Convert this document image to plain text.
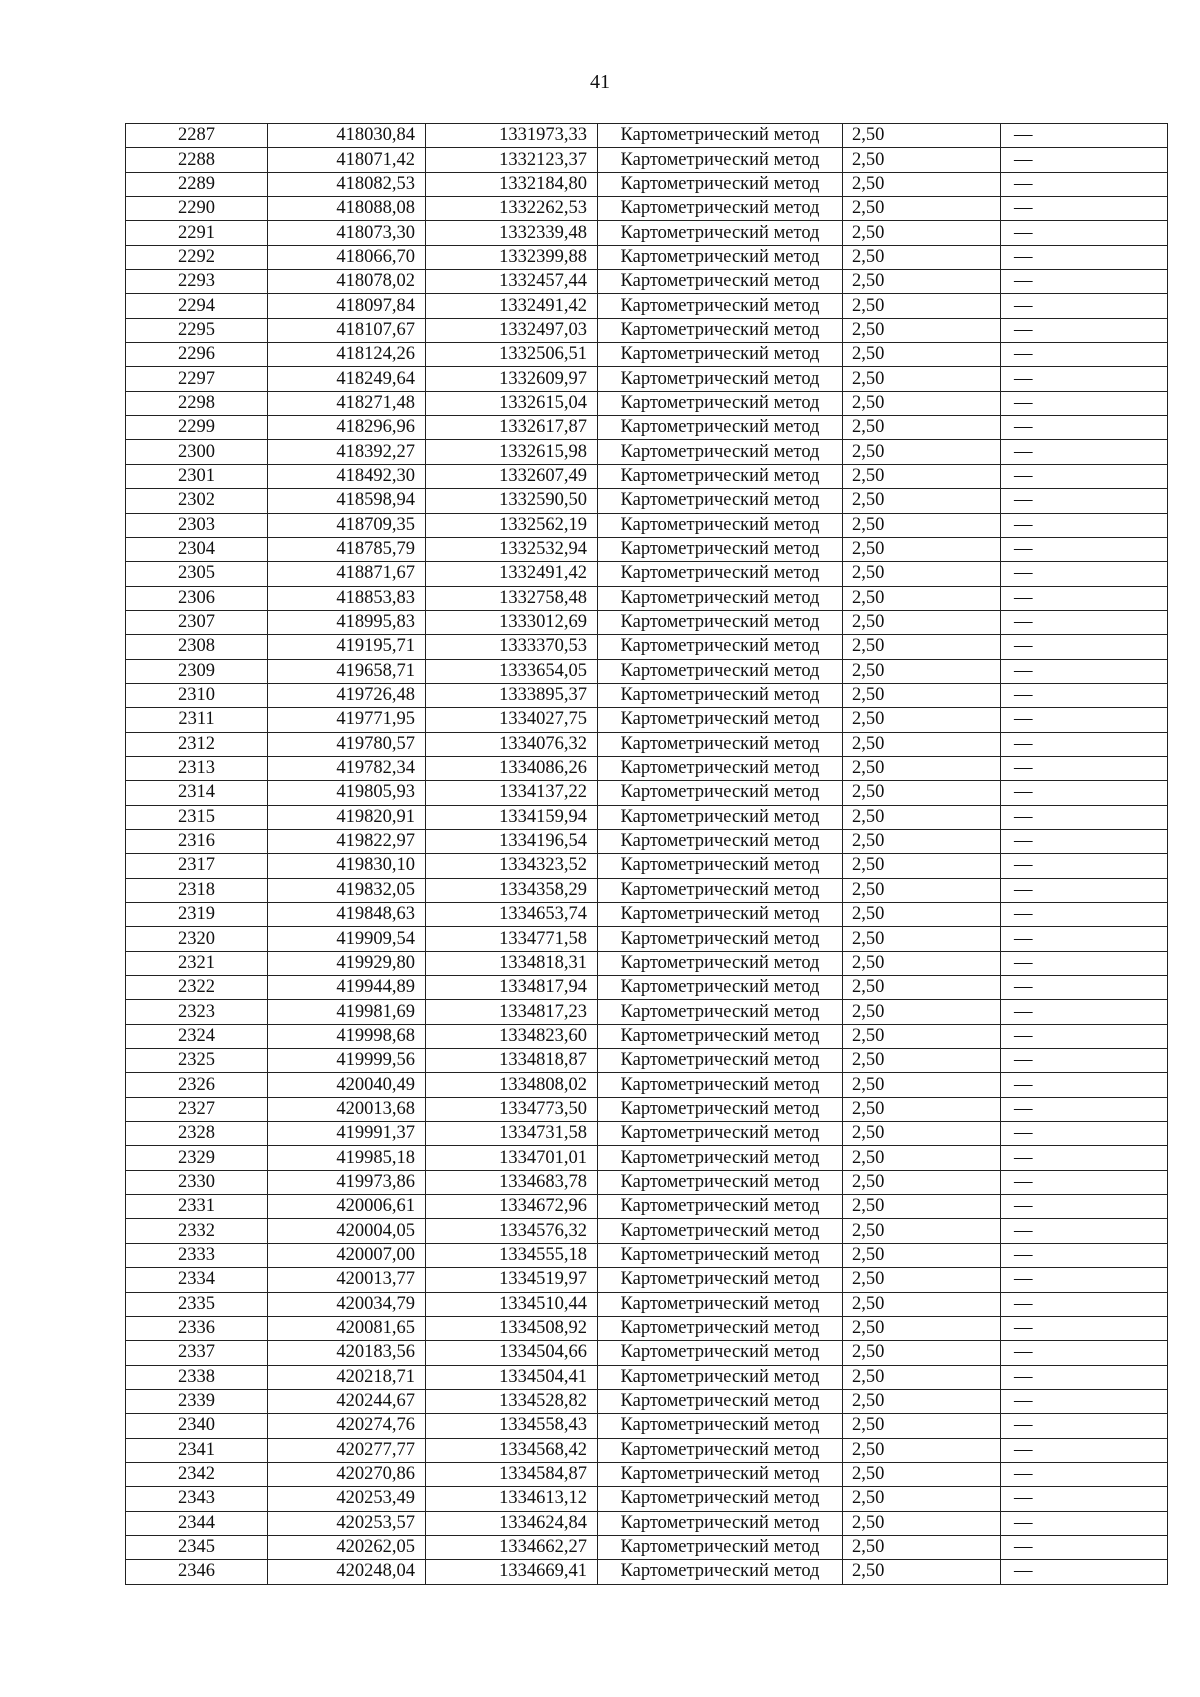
41
2287	418030,84	1331973,33	Картометрический метод	2,50	—
2288	418071,42	1332123,37	Картометрический метод	2,50	—
2289	418082,53	1332184,80	Картометрический метод	2,50	—
2290	418088,08	1332262,53	Картометрический метод	2,50	—
2291	418073,30	1332339,48	Картометрический метод	2,50	—
2292	418066,70	1332399,88	Картометрический метод	2,50	—
2293	418078,02	1332457,44	Картометрический метод	2,50	—
2294	418097,84	1332491,42	Картометрический метод	2,50	—
2295	418107,67	1332497,03	Картометрический метод	2,50	—
2296	418124,26	1332506,51	Картометрический метод	2,50	—
2297	418249,64	1332609,97	Картометрический метод	2,50	—
2298	418271,48	1332615,04	Картометрический метод	2,50	—
2299	418296,96	1332617,87	Картометрический метод	2,50	—
2300	418392,27	1332615,98	Картометрический метод	2,50	—
2301	418492,30	1332607,49	Картометрический метод	2,50	—
2302	418598,94	1332590,50	Картометрический метод	2,50	—
2303	418709,35	1332562,19	Картометрический метод	2,50	—
2304	418785,79	1332532,94	Картометрический метод	2,50	—
2305	418871,67	1332491,42	Картометрический метод	2,50	—
2306	418853,83	1332758,48	Картометрический метод	2,50	—
2307	418995,83	1333012,69	Картометрический метод	2,50	—
2308	419195,71	1333370,53	Картометрический метод	2,50	—
2309	419658,71	1333654,05	Картометрический метод	2,50	—
2310	419726,48	1333895,37	Картометрический метод	2,50	—
2311	419771,95	1334027,75	Картометрический метод	2,50	—
2312	419780,57	1334076,32	Картометрический метод	2,50	—
2313	419782,34	1334086,26	Картометрический метод	2,50	—
2314	419805,93	1334137,22	Картометрический метод	2,50	—
2315	419820,91	1334159,94	Картометрический метод	2,50	—
2316	419822,97	1334196,54	Картометрический метод	2,50	—
2317	419830,10	1334323,52	Картометрический метод	2,50	—
2318	419832,05	1334358,29	Картометрический метод	2,50	—
2319	419848,63	1334653,74	Картометрический метод	2,50	—
2320	419909,54	1334771,58	Картометрический метод	2,50	—
2321	419929,80	1334818,31	Картометрический метод	2,50	—
2322	419944,89	1334817,94	Картометрический метод	2,50	—
2323	419981,69	1334817,23	Картометрический метод	2,50	—
2324	419998,68	1334823,60	Картометрический метод	2,50	—
2325	419999,56	1334818,87	Картометрический метод	2,50	—
2326	420040,49	1334808,02	Картометрический метод	2,50	—
2327	420013,68	1334773,50	Картометрический метод	2,50	—
2328	419991,37	1334731,58	Картометрический метод	2,50	—
2329	419985,18	1334701,01	Картометрический метод	2,50	—
2330	419973,86	1334683,78	Картометрический метод	2,50	—
2331	420006,61	1334672,96	Картометрический метод	2,50	—
2332	420004,05	1334576,32	Картометрический метод	2,50	—
2333	420007,00	1334555,18	Картометрический метод	2,50	—
2334	420013,77	1334519,97	Картометрический метод	2,50	—
2335	420034,79	1334510,44	Картометрический метод	2,50	—
2336	420081,65	1334508,92	Картометрический метод	2,50	—
2337	420183,56	1334504,66	Картометрический метод	2,50	—
2338	420218,71	1334504,41	Картометрический метод	2,50	—
2339	420244,67	1334528,82	Картометрический метод	2,50	—
2340	420274,76	1334558,43	Картометрический метод	2,50	—
2341	420277,77	1334568,42	Картометрический метод	2,50	—
2342	420270,86	1334584,87	Картометрический метод	2,50	—
2343	420253,49	1334613,12	Картометрический метод	2,50	—
2344	420253,57	1334624,84	Картометрический метод	2,50	—
2345	420262,05	1334662,27	Картометрический метод	2,50	—
2346	420248,04	1334669,41	Картометрический метод	2,50	—
